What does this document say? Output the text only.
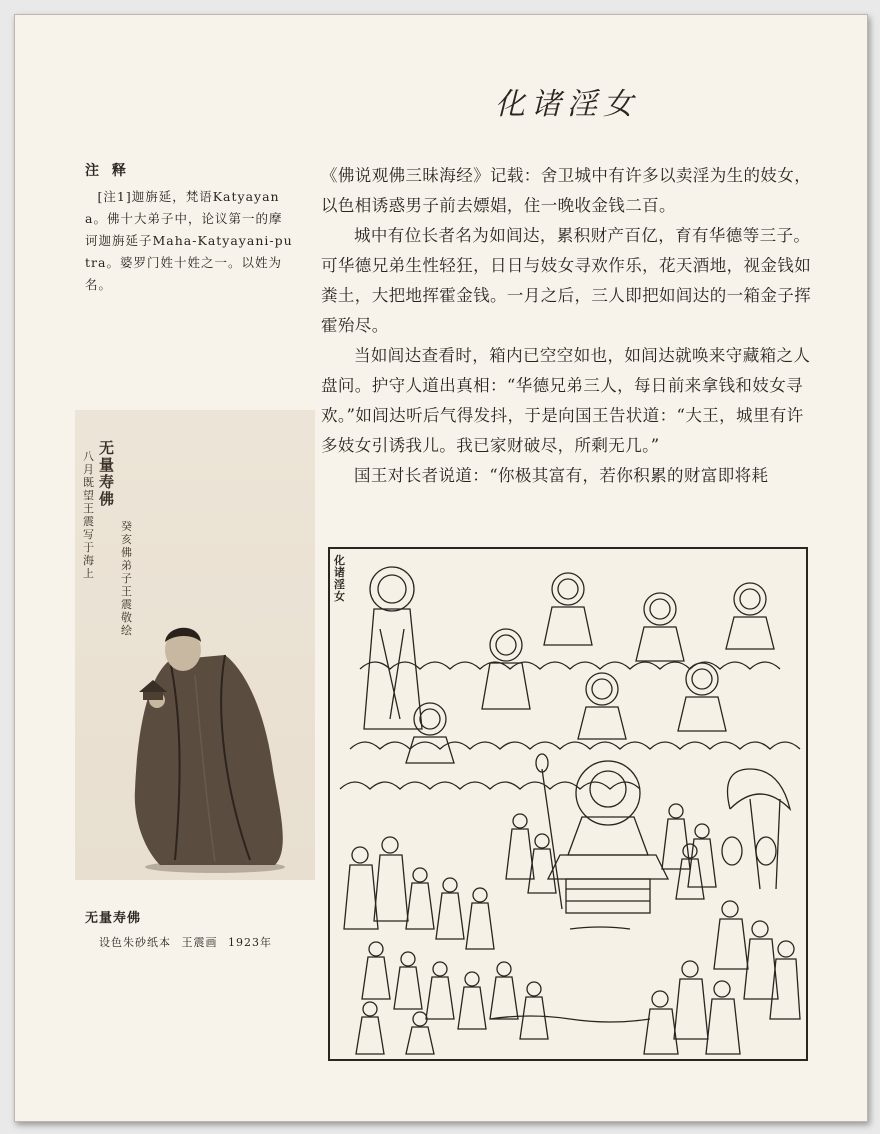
化诸淫女
注 释

[注1]迦旃延，梵语Katyayana。佛十大弟子中，论议第一的摩诃迦旃延子Maha-Katyayani-putra。婆罗门姓十姓之一。以姓为名。

《佛说观佛三昧海经》记载：舍卫城中有许多以卖淫为生的妓女，以色相诱惑男子前去嫖娼，住一晚收金钱二百。

城中有位长者名为如闾达，累积财产百亿，育有华德等三子。可华德兄弟生性轻狂，日日与妓女寻欢作乐，花天酒地，视金钱如粪土，大把地挥霍金钱。一月之后，三人即把如闾达的一箱金子挥霍殆尽。

当如闾达查看时，箱内已空空如也，如闾达就唤来守藏箱之人盘问。护守人道出真相：“华德兄弟三人，每日前来拿钱和妓女寻欢。”如闾达听后气得发抖，于是向国王告状道：“大王，城里有许多妓女引诱我儿。我已家财破尽，所剩无几。”

国王对长者说道：“你极其富有，若你积累的财富即将耗

无量寿佛
八月既望王震写于海上
癸亥佛弟子王震敬绘
无量寿佛
设色朱砂纸本 王震画 1923年
化诸淫女
